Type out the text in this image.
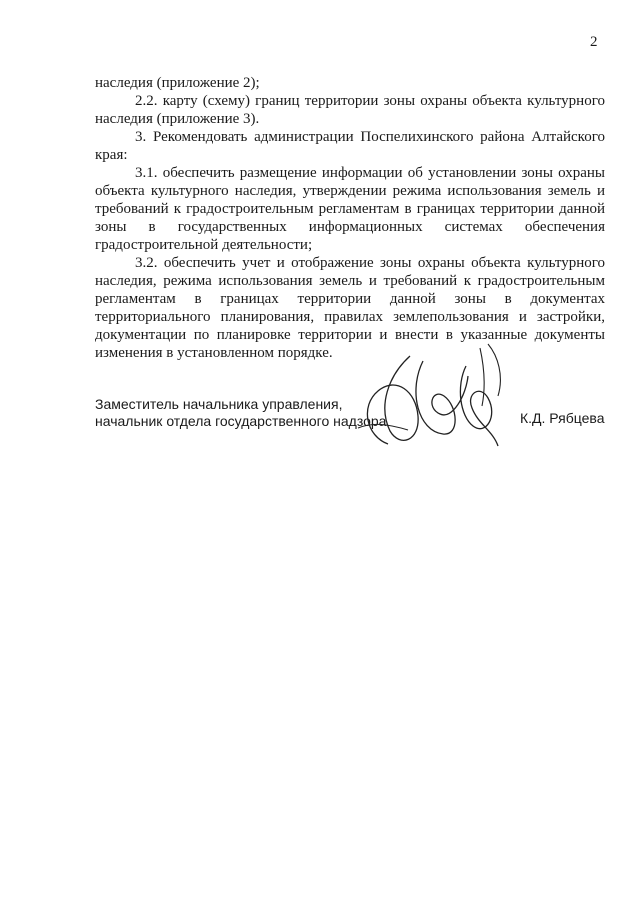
2

наследия (приложение 2);

2.2. карту (схему) границ территории зоны охраны объекта культурного наследия (приложение 3).

3. Рекомендовать администрации Поспелихинского района Алтайского края:

3.1. обеспечить размещение информации об установлении зоны охраны объекта культурного наследия, утверждении режима использования земель и требований к градостроительным регламентам в границах территории данной зоны в государственных информационных системах обеспечения градостроительной деятельности;

3.2. обеспечить учет и отображение зоны охраны объекта культурного наследия, режима использования земель и требований к градостроительным регламентам в границах территории данной зоны в документах территориального планирования, правилах землепользования и застройки, документации по планировке территории и внести в указанные документы изменения в установленном порядке.

Заместитель начальника управления,
начальник отдела государственного надзора	К.Д. Рябцева
